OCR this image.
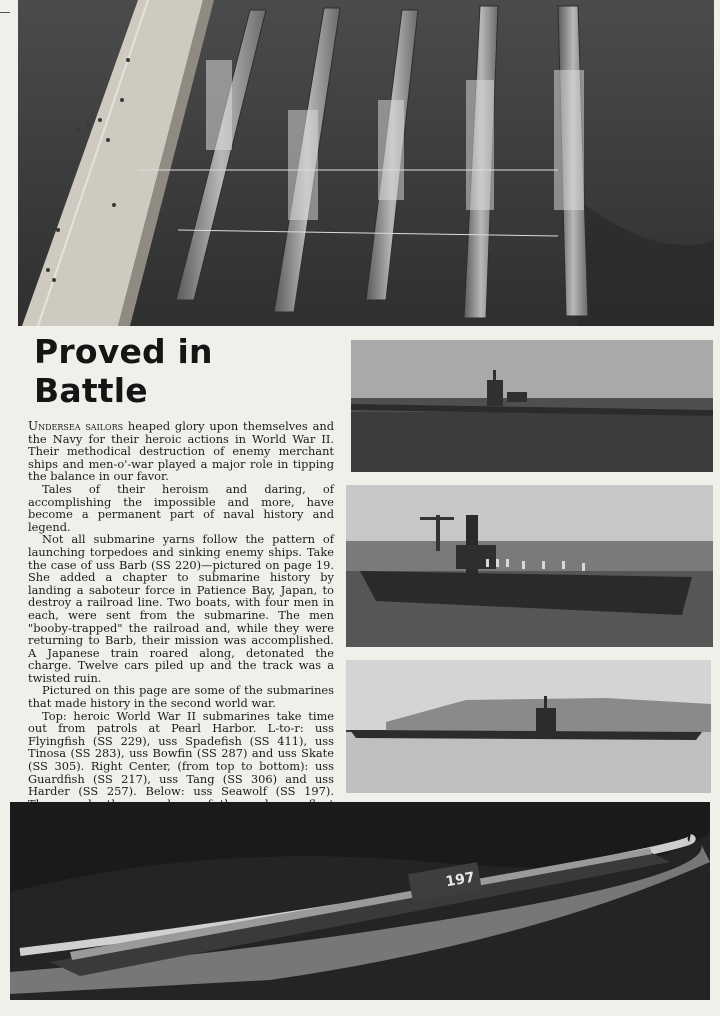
Proved in Battle

Undersea sailors heaped glory upon themselves and the Navy for their heroic actions in World War II. Their methodical destruction of enemy merchant ships and men-o'-war played a major role in tipping the balance in our favor.

Tales of their heroism and daring, of accomplishing the impossible and more, have become a permanent part of naval history and legend.

Not all submarine yarns follow the pattern of launching torpedoes and sinking enemy ships. Take the case of uss Barb (SS 220)—pictured on page 19. She added a chapter to submarine history by landing a saboteur force in Patience Bay, Japan, to destroy a railroad line. Two boats, with four men in each, were sent from the submarine. The men "booby-trapped" the railroad and, while they were returning to Barb, their mission was accomplished. A Japanese train roared along, detonated the charge. Twelve cars piled up and the track was a twisted ruin.

Pictured on this page are some of the submarines that made history in the second world war.

Top: heroic World War II submarines take time out from patrols at Pearl Harbor. L-to-r: uss Flyingfish (SS 229), uss Spadefish (SS 411), uss Tinosa (SS 283), uss Bowfin (SS 287) and uss Skate (SS 305). Right Center, (from top to bottom): uss Guardfish (SS 217), uss Tang (SS 306) and uss Harder (SS 257). Below: uss Seawolf (SS 197).

197
